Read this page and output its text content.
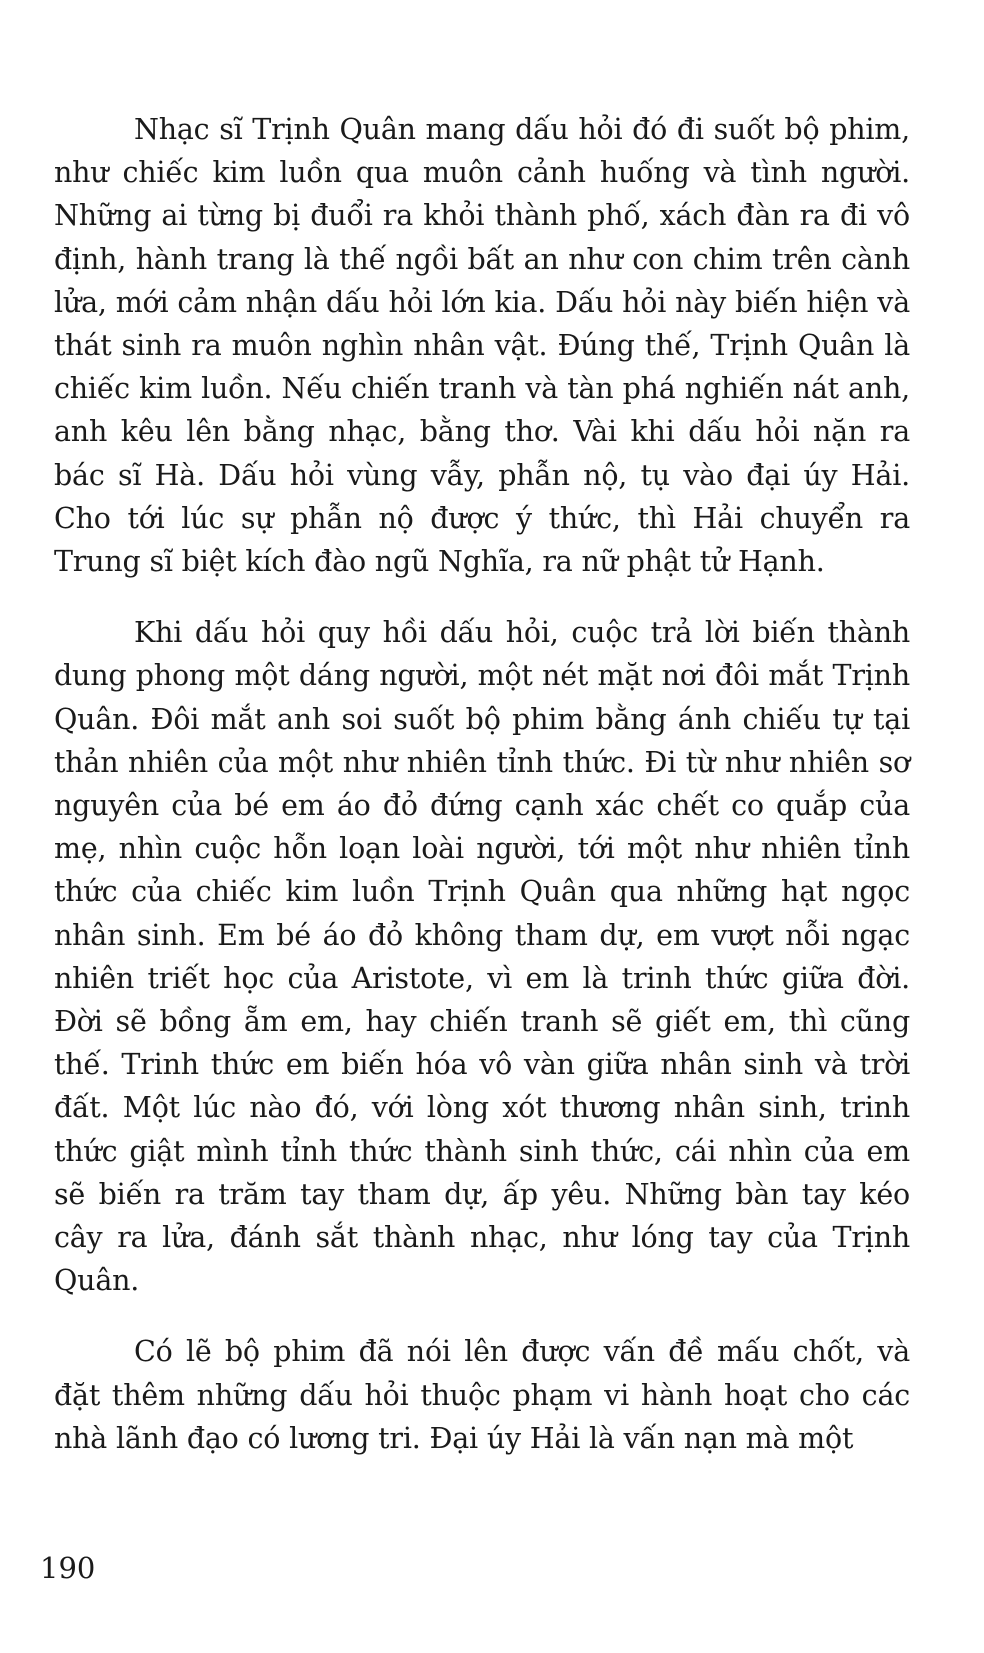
Nhạc sĩ Trịnh Quân mang dấu hỏi đó đi suốt bộ phim, như chiếc kim luồn qua muôn cảnh huống và tình người. Những ai từng bị đuổi ra khỏi thành phố, xách đàn ra đi vô định, hành trang là thế ngồi bất an như con chim trên cành lửa, mới cảm nhận dấu hỏi lớn kia. Dấu hỏi này biến hiện và thát sinh ra muôn nghìn nhân vật. Đúng thế, Trịnh Quân là chiếc kim luồn. Nếu chiến tranh và tàn phá nghiến nát anh, anh kêu lên bằng nhạc, bằng thơ. Vài khi dấu hỏi nặn ra bác sĩ Hà. Dấu hỏi vùng vẫy, phẫn nộ, tụ vào đại úy Hải. Cho tới lúc sự phẫn nộ được ý thức, thì Hải chuyển ra Trung sĩ biệt kích đào ngũ Nghĩa, ra nữ phật tử Hạnh.

Khi dấu hỏi quy hồi dấu hỏi, cuộc trả lời biến thành dung phong một dáng người, một nét mặt nơi đôi mắt Trịnh Quân. Đôi mắt anh soi suốt bộ phim bằng ánh chiếu tự tại thản nhiên của một như nhiên tỉnh thức. Đi từ như nhiên sơ nguyên của bé em áo đỏ đứng cạnh xác chết co quắp của mẹ, nhìn cuộc hỗn loạn loài người, tới một như nhiên tỉnh thức của chiếc kim luồn Trịnh Quân qua những hạt ngọc nhân sinh. Em bé áo đỏ không tham dự, em vượt nỗi ngạc nhiên triết học của Aristote, vì em là trinh thức giữa đời. Đời sẽ bồng ẵm em, hay chiến tranh sẽ giết em, thì cũng thế. Trinh thức em biến hóa vô vàn giữa nhân sinh và trời đất. Một lúc nào đó, với lòng xót thương nhân sinh, trinh thức giật mình tỉnh thức thành sinh thức, cái nhìn của em sẽ biến ra trăm tay tham dự, ấp yêu. Những bàn tay kéo cây ra lửa, đánh sắt thành nhạc, như lóng tay của Trịnh Quân.

Có lẽ bộ phim đã nói lên được vấn đề mấu chốt, và đặt thêm những dấu hỏi thuộc phạm vi hành hoạt cho các nhà lãnh đạo có lương tri. Đại úy Hải là vấn nạn mà một

190
